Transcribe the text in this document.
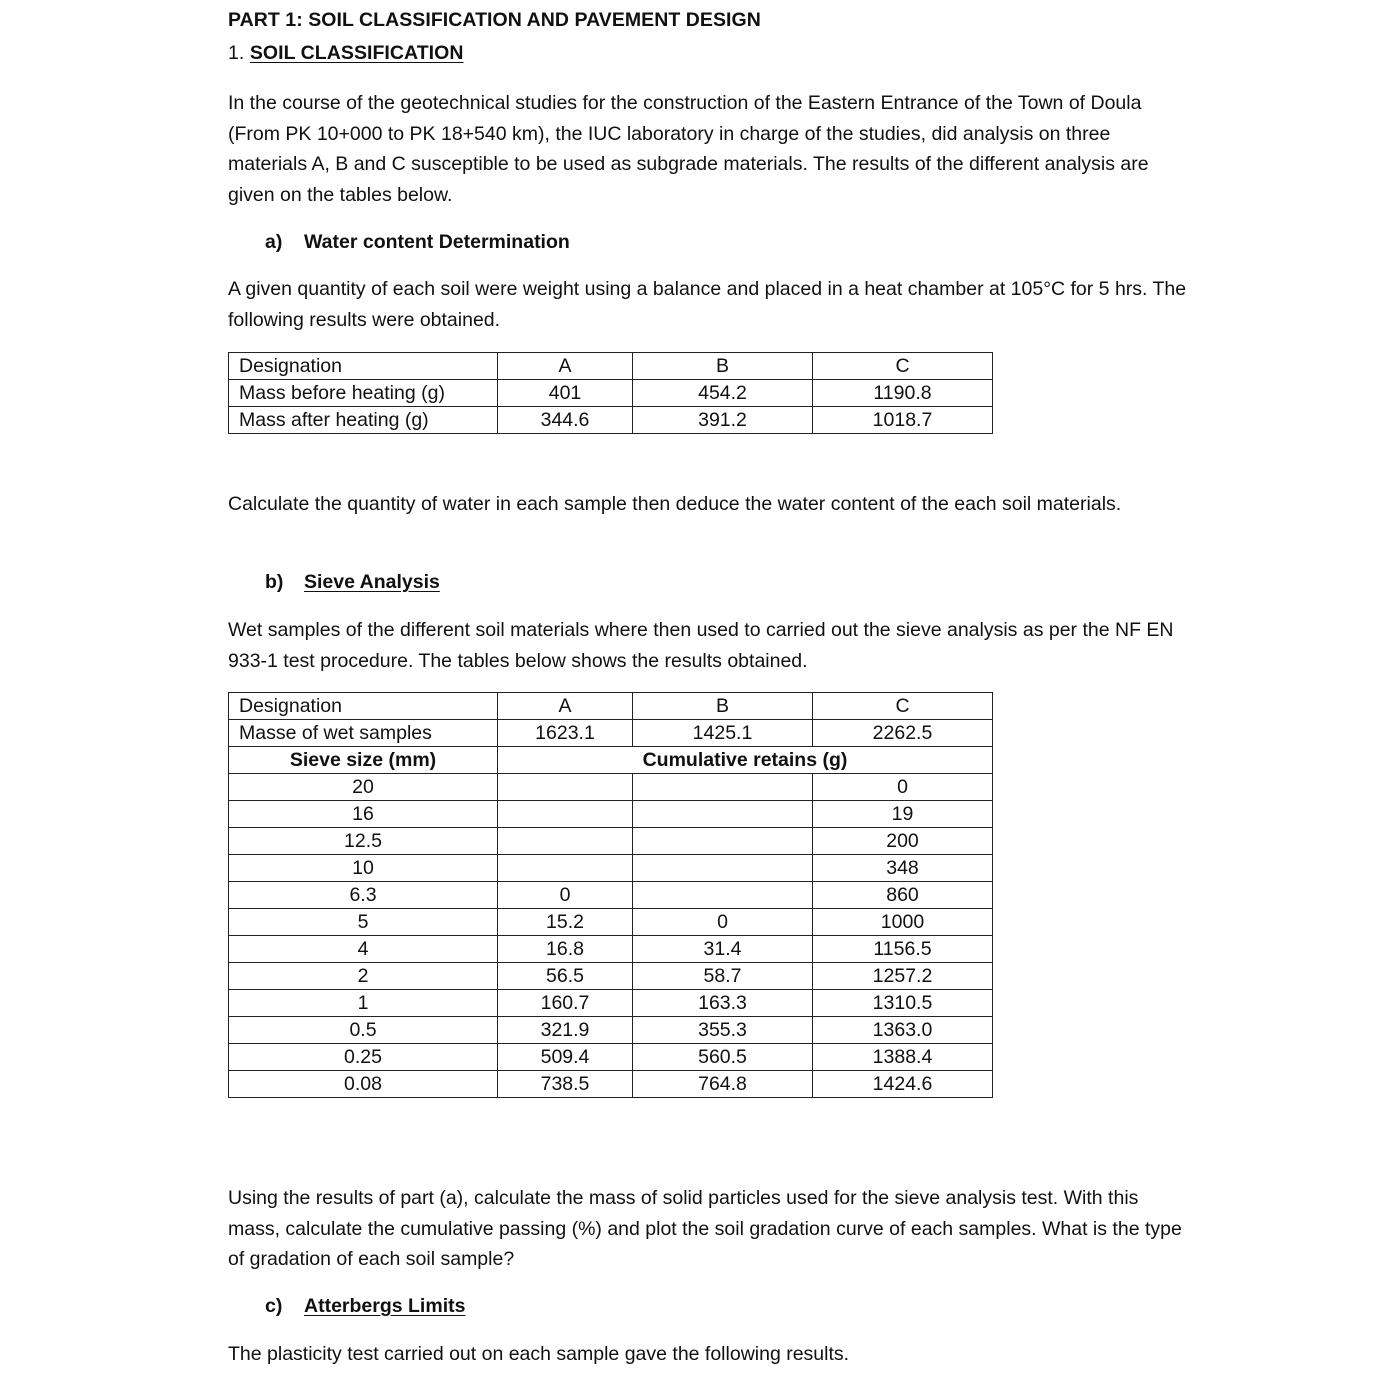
PART 1: SOIL CLASSIFICATION AND PAVEMENT DESIGN
1. SOIL CLASSIFICATION
In the course of the geotechnical studies for the construction of the Eastern Entrance of the Town of Doula (From PK 10+000 to PK 18+540 km), the IUC laboratory in charge of the studies, did analysis on three materials A, B and C susceptible to be used as subgrade materials. The results of the different analysis are given on the tables below.
a) Water content Determination
A given quantity of each soil were weight using a balance and placed in a heat chamber at 105°C for 5 hrs. The following results were obtained.
Designation	A	B	C
Mass before heating (g)	401	454.2	1190.8
Mass after heating (g)	344.6	391.2	1018.7
Calculate the quantity of water in each sample then deduce the water content of the each soil materials.
b) Sieve Analysis
Wet samples of the different soil materials where then used to carried out the sieve analysis as per the NF EN 933-1 test procedure. The tables below shows the results obtained.
Designation	A	B	C
Masse of wet samples	1623.1	1425.1	2262.5
Sieve size (mm)	Cumulative retains (g)		
20			0
16			19
12.5			200
10			348
6.3	0		860
5	15.2	0	1000
4	16.8	31.4	1156.5
2	56.5	58.7	1257.2
1	160.7	163.3	1310.5
0.5	321.9	355.3	1363.0
0.25	509.4	560.5	1388.4
0.08	738.5	764.8	1424.6
Using the results of part (a), calculate the mass of solid particles used for the sieve analysis test. With this mass, calculate the cumulative passing (%) and plot the soil gradation curve of each samples. What is the type of gradation of each soil sample?
c) Atterbergs Limits
The plasticity test carried out on each sample gave the following results.
